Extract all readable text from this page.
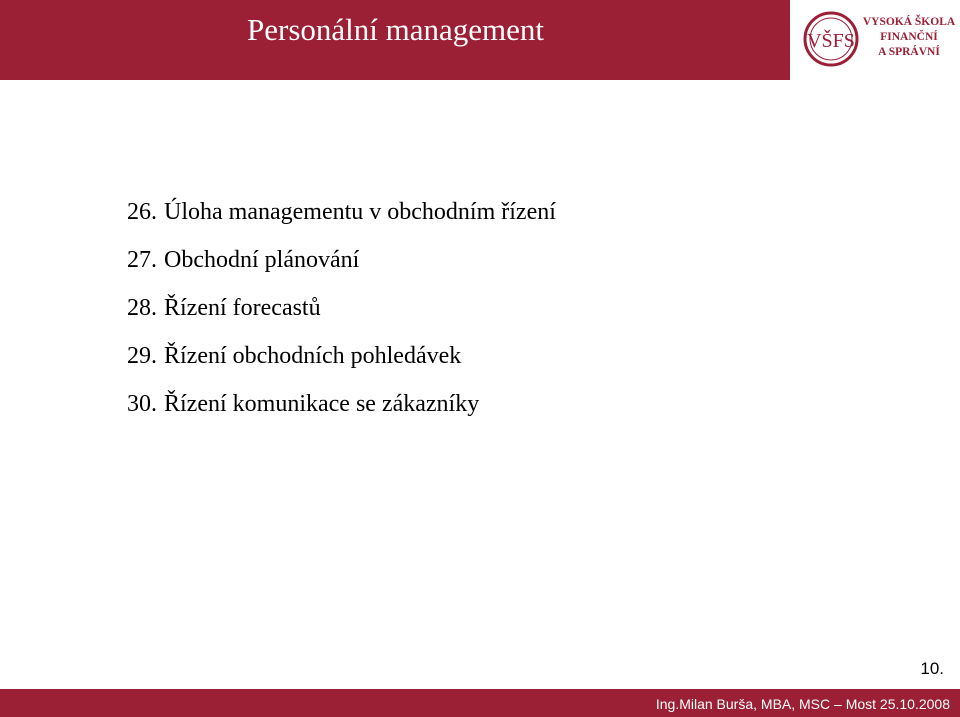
Personální management	VŠFS
VYSOKÁ ŠKOLA
FINANČNÍ
A SPRÁVNÍ
26. Úloha managementu v obchodním řízení
27. Obchodní plánování
28. Řízení forecastů
29. Řízení obchodních pohledávek
30. Řízení komunikace se zákazníky
10.
Ing.Milan Burša, MBA, MSC – Most 25.10.2008
